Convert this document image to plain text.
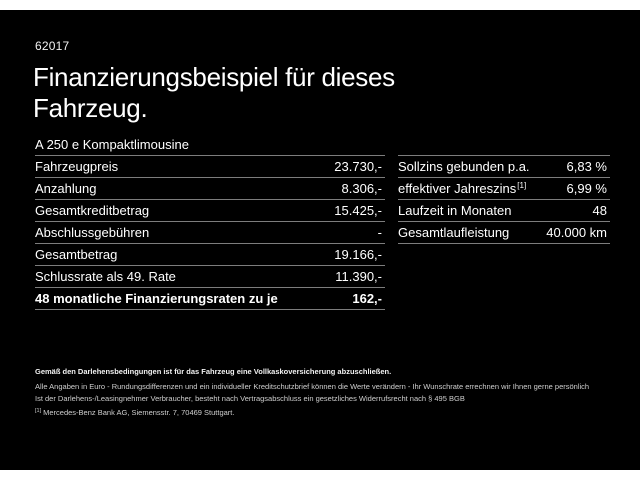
62017
Finanzierungsbeispiel für dieses
Fahrzeug.
A 250 e Kompaktlimousine
Fahrzeugpreis	23.730,-
Anzahlung	8.306,-
Gesamtkreditbetrag	15.425,-
Abschlussgebühren	-
Gesamtbetrag	19.166,-
Schlussrate als 49. Rate	11.390,-
48 monatliche Finanzierungsraten zu je	162,-
Sollzins gebunden p.a.	6,83 %
effektiver Jahreszins[1]	6,99 %
Laufzeit in Monaten	48
Gesamtlaufleistung	40.000 km
Gemäß den Darlehensbedingungen ist für das Fahrzeug eine Vollkaskoversicherung abzuschließen.
Alle Angaben in Euro - Rundungsdifferenzen und ein individueller Kreditschutzbrief können die Werte verändern - Ihr Wunschrate errechnen wir Ihnen gerne persönlich
Ist der Darlehens-/Leasingnehmer Verbraucher, besteht nach Vertragsabschluss ein gesetzliches Widerrufsrecht nach § 495 BGB
[1] Mercedes-Benz Bank AG, Siemensstr. 7, 70469 Stuttgart.
